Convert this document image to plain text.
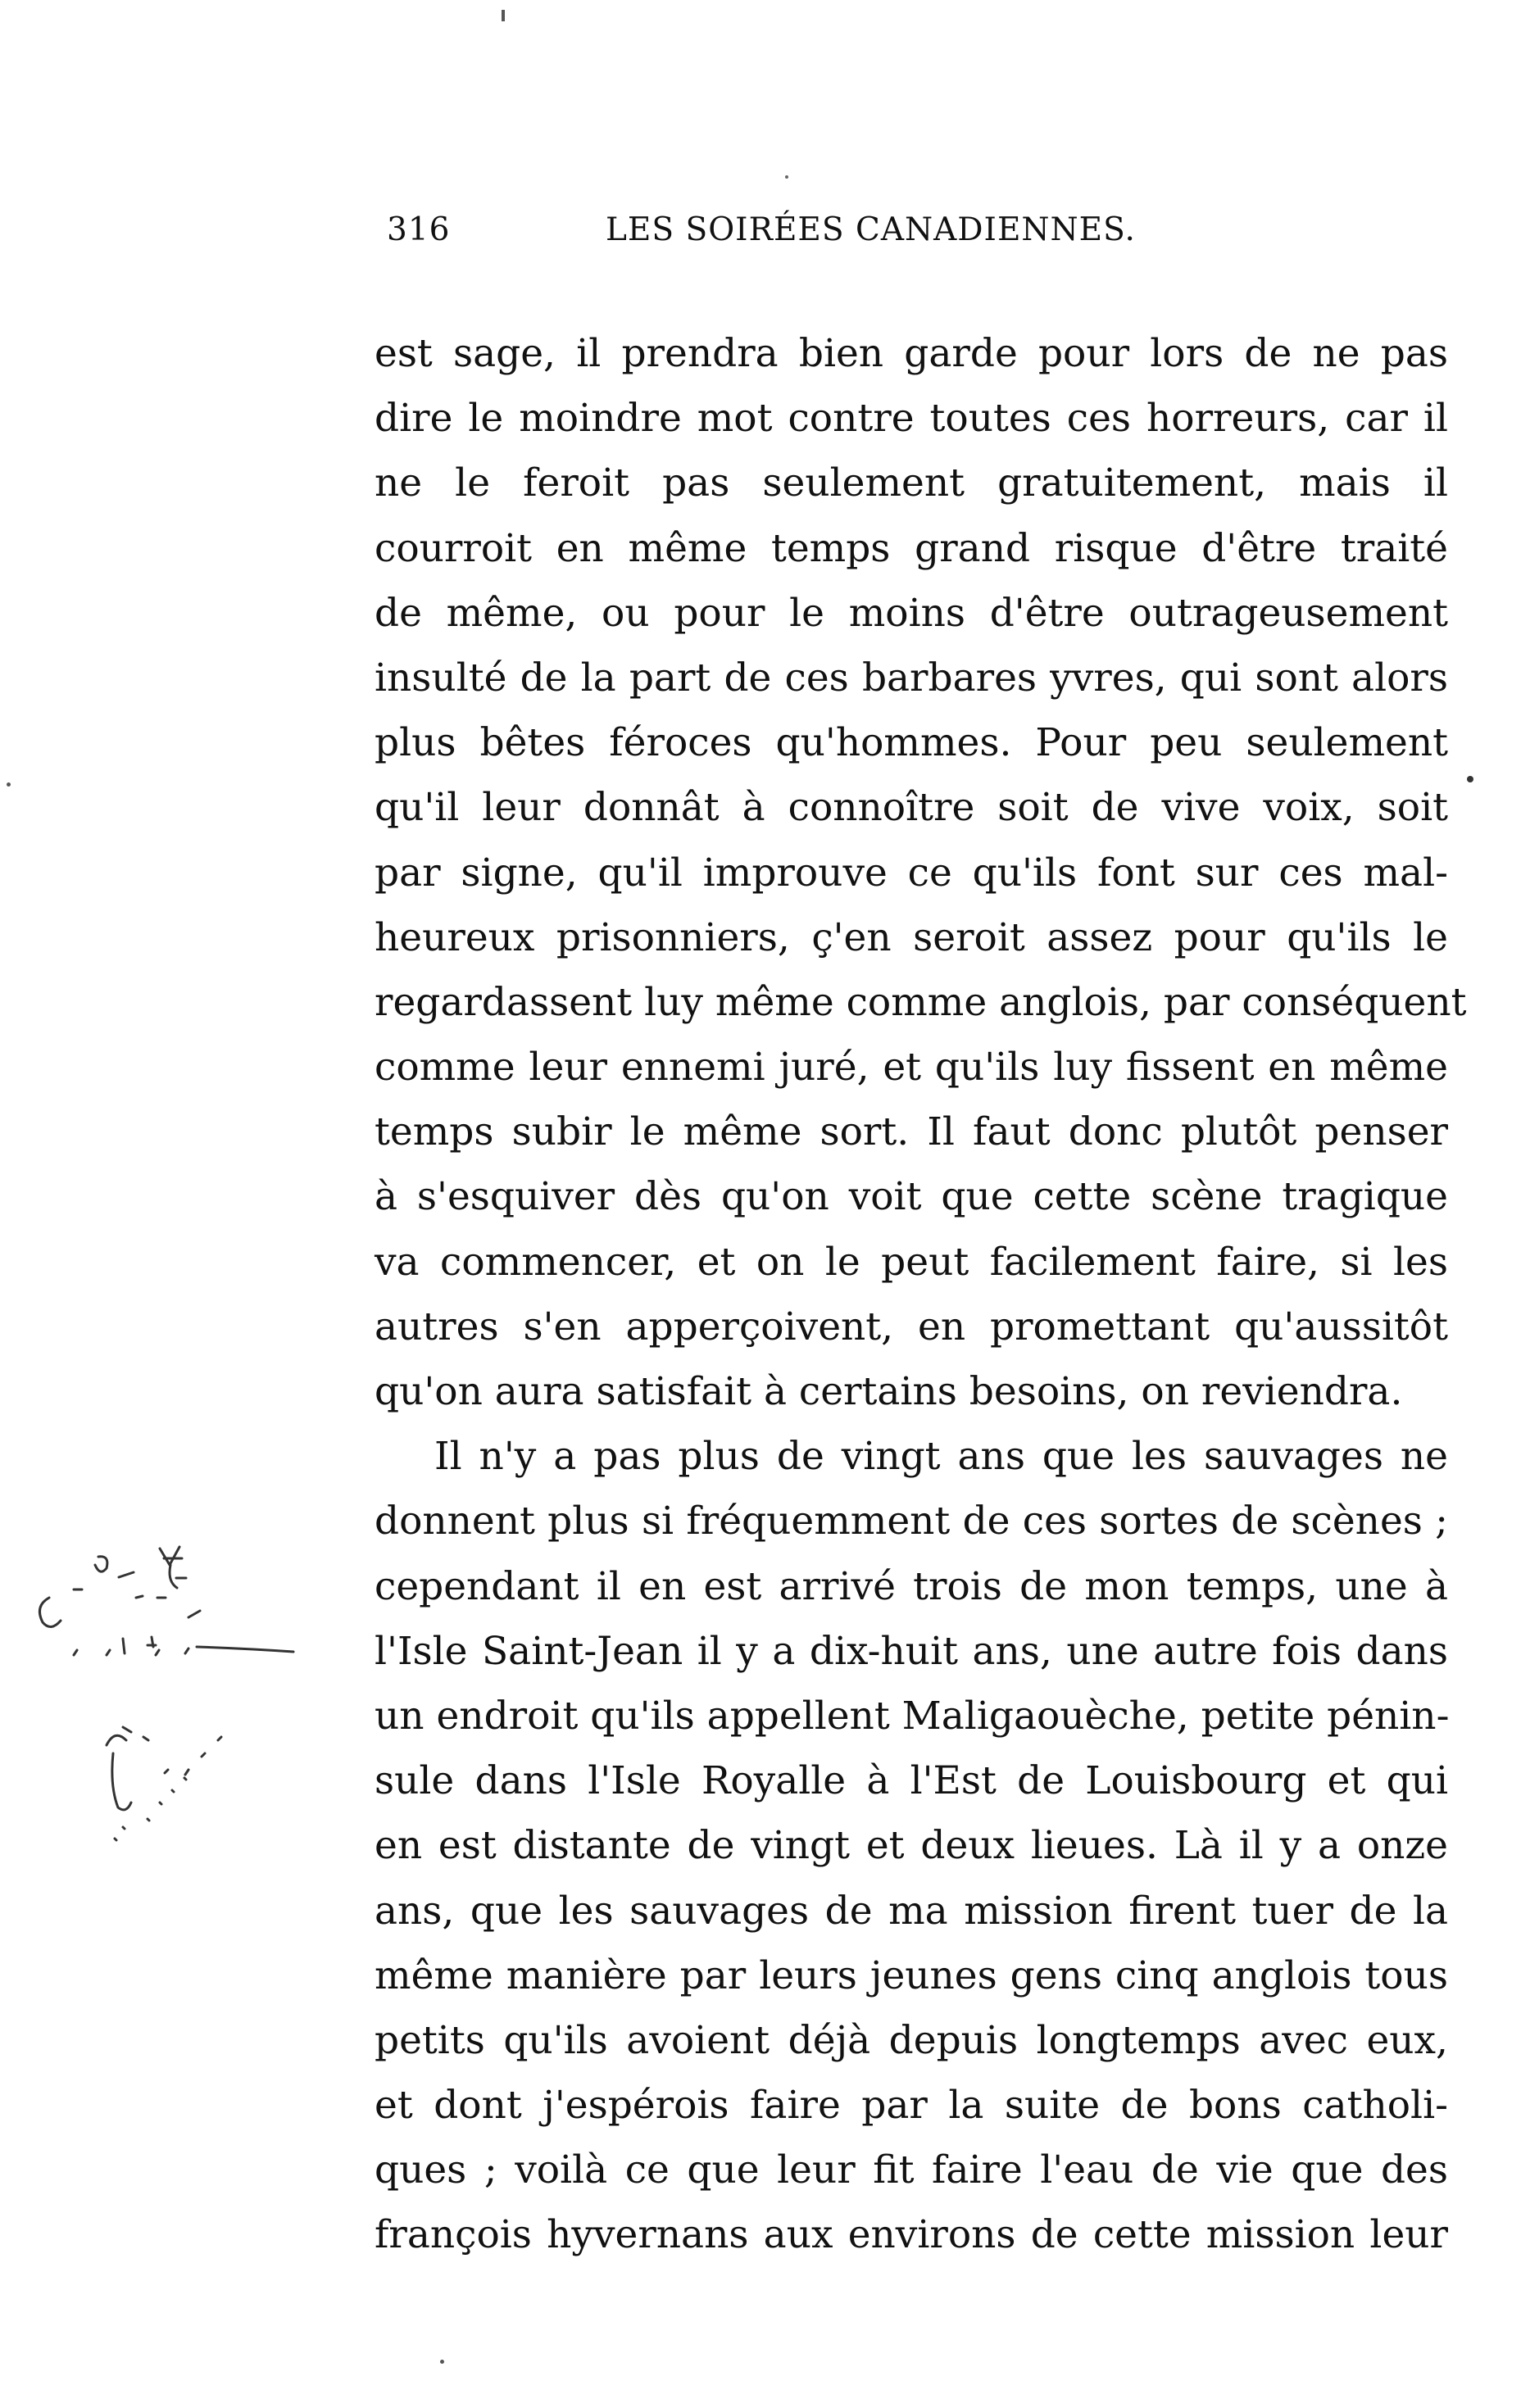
316	LES SOIRÉES CANADIENNES.
est sage, il prendra bien garde pour lors de ne pas
dire le moindre mot contre toutes ces horreurs, car il
ne le feroit pas seulement gratuitement, mais il
courroit en même temps grand risque d'être traité
de même, ou pour le moins d'être outrageusement
insulté de la part de ces barbares yvres, qui sont alors
plus bêtes féroces qu'hommes. Pour peu seulement
qu'il leur donnât à connoître soit de vive voix, soit
par signe, qu'il improuve ce qu'ils font sur ces mal-
heureux prisonniers, ç'en seroit assez pour qu'ils le
regardassent luy même comme anglois, par conséquent
comme leur ennemi juré, et qu'ils luy fissent en même
temps subir le même sort. Il faut donc plutôt penser
à s'esquiver dès qu'on voit que cette scène tragique
va commencer, et on le peut facilement faire, si les
autres s'en apperçoivent, en promettant qu'aussitôt
qu'on aura satisfait à certains besoins, on reviendra.
Il n'y a pas plus de vingt ans que les sauvages ne
donnent plus si fréquemment de ces sortes de scènes ;
cependant il en est arrivé trois de mon temps, une à
l'Isle Saint-Jean il y a dix-huit ans, une autre fois dans
un endroit qu'ils appellent Maligaouèche, petite pénin-
sule dans l'Isle Royalle à l'Est de Louisbourg et qui
en est distante de vingt et deux lieues. Là il y a onze
ans, que les sauvages de ma mission firent tuer de la
même manière par leurs jeunes gens cinq anglois tous
petits qu'ils avoient déjà depuis longtemps avec eux,
et dont j'espérois faire par la suite de bons catholi-
ques ; voilà ce que leur fit faire l'eau de vie que des
françois hyvernans aux environs de cette mission leur
